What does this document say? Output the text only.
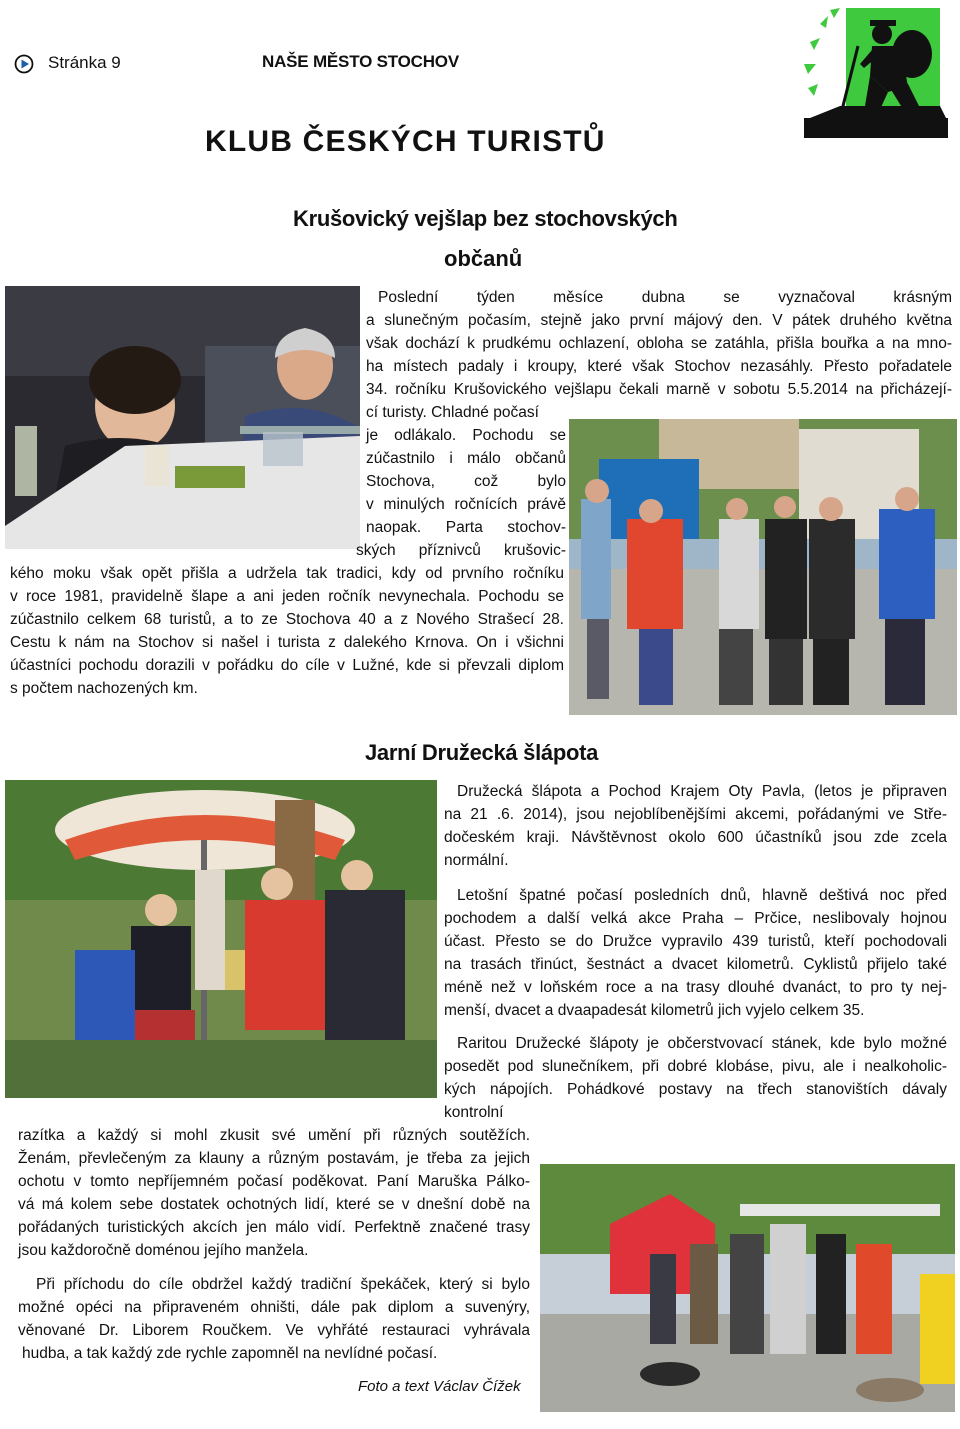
Stránka 9	NAŠE MĚSTO STOCHOV
KLUB ČESKÝCH TURISTŮ
Krušovický vejšlap bez stochovských
občanů
Poslední týden měsíce dubna se vyznačoval krásným
a slunečným počasím, stejně jako první májový den. V pátek druhého května
však dochází k prudkému ochlazení, obloha se zatáhla, přišla bouřka a na mno-
ha místech padaly i kroupy, které však Stochov nezasáhly. Přesto pořadatele
34. ročníku Krušovického vejšlapu čekali marně v sobotu 5.5.2014 na přicházejí-
cí turisty. Chladné počasí
je odlákalo. Pochodu se
zúčastnilo i málo občanů
Stochova, což bylo
v minulých ročnících právě
naopak. Parta stochov-
ských příznivců krušovic-
kého moku však opět přišla a udržela tak tradici, kdy od prvního ročníku
v roce 1981, pravidelně šlape a ani jeden ročník nevynechala. Pochodu se
zúčastnilo celkem 68 turistů, a to ze Stochova 40 a z Nového Strašecí 28.
Cestu k nám na Stochov si našel i turista z dalekého Krnova. On i všichni
účastníci pochodu dorazili v pořádku do cíle v Lužné, kde si převzali diplom
s počtem nachozených km.
Jarní Družecká šlápota
Družecká šlápota a Pochod Krajem Oty Pavla, (letos je připraven
na 21 .6. 2014), jsou nejoblíbenějšími akcemi, pořádanými ve Stře-
dočeském kraji. Návštěvnost okolo 600 účastníků jsou zde zcela
normální.
Letošní špatné počasí posledních dnů, hlavně deštivá noc před
pochodem a další velká akce Praha – Prčice, neslibovaly hojnou
účast. Přesto se do Družce vypravilo 439 turistů, kteří pochodovali
na trasách třinúct, šestnáct a dvacet kilometrů. Cyklistů přijelo také
méně než v loňském roce a na trasy dlouhé dvanáct, to pro ty nej-
menší, dvacet a dvaapadesát kilometrů jich vyjelo celkem 35.
Raritou Družecké šlápoty je občerstvovací stánek, kde bylo možné
posedět pod slunečníkem, při dobré klobáse, pivu, ale i nealkoholic-
kých nápojích. Pohádkové postavy na třech stanovištích dávaly
kontrolní
razítka a každý si mohl zkusit své umění při různých soutěžích.
Ženám, převlečeným za klauny a různým postavám, je třeba za jejich
ochotu v tomto nepříjemném počasí poděkovat. Paní Maruška Pálko-
vá má kolem sebe dostatek ochotných lidí, které se v dnešní době na
pořádaných turistických akcích jen málo vidí. Perfektně značené trasy
jsou každoročně doménou jejího manžela.
Při příchodu do cíle obdržel každý tradiční špekáček, který si bylo
možné opéci na připraveném ohništi, dále pak diplom a suvenýry,
věnované Dr. Liborem Roučkem. Ve vyhřáté restauraci vyhrávala
hudba, a tak každý zde rychle zapomněl na nevlídné počasí.
Foto a text Václav Čížek
